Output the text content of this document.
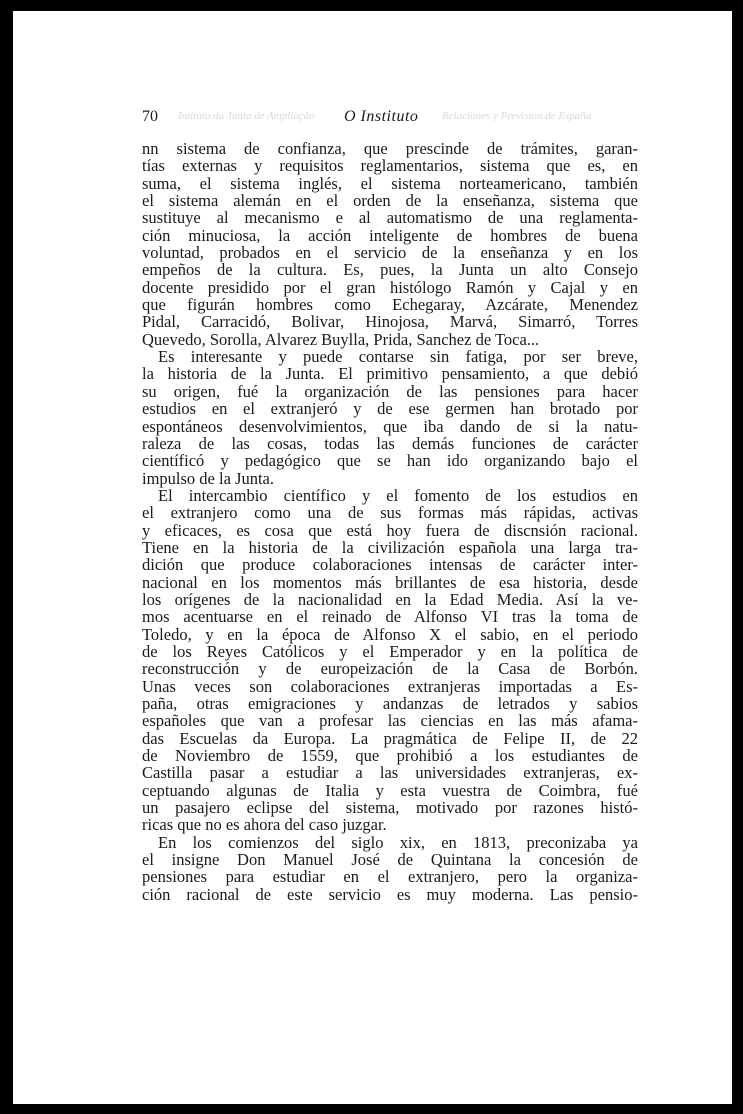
70 Intituto da Junta de Ampliação O Instituto Relaciones y Prevision de España
nn sistema de confianza, que prescinde de trámites, garan-
tías externas y requisitos reglamentarios, sistema que es, en
suma, el sistema inglés, el sistema norteamericano, también
el sistema alemán en el orden de la enseñanza, sistema que
sustituye al mecanismo e al automatismo de una reglamenta-
ción minuciosa, la acción inteligente de hombres de buena
voluntad, probados en el servicio de la enseñanza y en los
empeños de la cultura. Es, pues, la Junta un alto Consejo
docente presidido por el gran histólogo Ramón y Cajal y en
que figurán hombres como Echegaray, Azcárate, Menendez
Pidal, Carracidó, Bolivar, Hinojosa, Marvá, Simarró, Torres
Quevedo, Sorolla, Alvarez Buylla, Prida, Sanchez de Toca...
Es interesante y puede contarse sin fatiga, por ser breve,
la historia de la Junta. El primitivo pensamiento, a que debió
su origen, fué la organización de las pensiones para hacer
estudios en el extranjeró y de ese germen han brotado por
espontáneos desenvolvimientos, que iba dando de si la natu-
raleza de las cosas, todas las demás funciones de carácter
científicó y pedagógico que se han ido organizando bajo el
impulso de la Junta.
El intercambio científico y el fomento de los estudios en
el extranjero como una de sus formas más rápidas, activas
y eficaces, es cosa que está hoy fuera de discnsión racional.
Tiene en la historia de la civilización española una larga tra-
dición que produce colaboraciones intensas de carácter inter-
nacional en los momentos más brillantes de esa historia, desde
los orígenes de la nacionalidad en la Edad Media. Así la ve-
mos acentuarse en el reinado de Alfonso VI tras la toma de
Toledo, y en la época de Alfonso X el sabio, en el periodo
de los Reyes Católicos y el Emperador y en la política de
reconstrucción y de europeización de la Casa de Borbón.
Unas veces son colaboraciones extranjeras importadas a Es-
paña, otras emigraciones y andanzas de letrados y sabios
españoles que van a profesar las ciencias en las más afama-
das Escuelas da Europa. La pragmática de Felipe II, de 22
de Noviembro de 1559, que prohibió a los estudiantes de
Castilla pasar a estudiar a las universidades extranjeras, ex-
ceptuando algunas de Italia y esta vuestra de Coimbra, fué
un pasajero eclipse del sistema, motivado por razones histó-
ricas que no es ahora del caso juzgar.
En los comienzos del siglo xix, en 1813, preconizaba ya
el insigne Don Manuel José de Quintana la concesión de
pensiones para estudiar en el extranjero, pero la organiza-
ción racional de este servicio es muy moderna. Las pensio-
